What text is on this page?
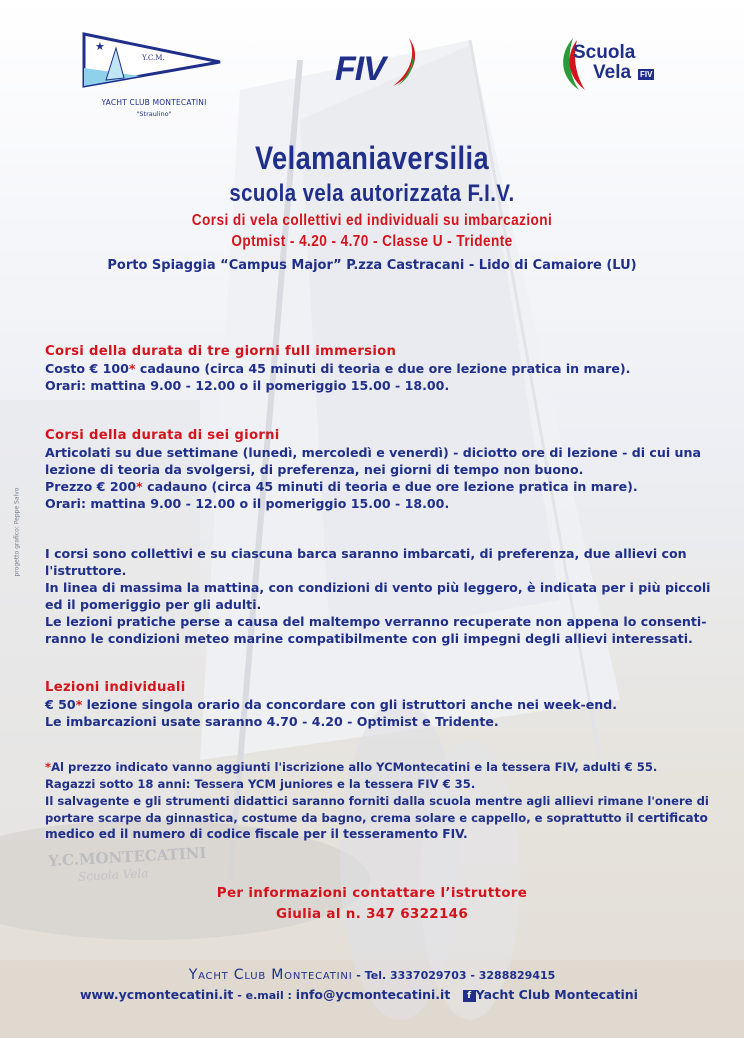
Y.C.MONTECATINI
Scuola Vela
★
Y.C.M.
YACHT CLUB MONTECATINI
"Straulino"
FIV	Scuola
Vela FIV
Velamaniaversilia
scuola vela autorizzata F.I.V.
Corsi di vela collettivi ed individuali su imbarcazioni
Optmist - 4.20 - 4.70 - Classe U - Tridente
Porto Spiaggia “Campus Major” P.zza Castracani - Lido di Camaiore (LU)
progetto grafico: Peppe Salvo
Corsi della durata di tre giorni full immersion
Costo € 100* cadauno (circa 45 minuti di teoria e due ore lezione pratica in mare).
Orari: mattina 9.00 - 12.00 o il pomeriggio 15.00 - 18.00.
Corsi della durata di sei giorni
Articolati su due settimane (lunedì, mercoledì e venerdì) - diciotto ore di lezione - di cui una
lezione di teoria da svolgersi, di preferenza, nei giorni di tempo non buono.
Prezzo € 200* cadauno (circa 45 minuti di teoria e due ore lezione pratica in mare).
Orari: mattina 9.00 - 12.00 o il pomeriggio 15.00 - 18.00.
I corsi sono collettivi e su ciascuna barca saranno imbarcati, di preferenza, due allievi con
l'istruttore.
In linea di massima la mattina, con condizioni di vento più leggero, è indicata per i più piccoli
ed il pomeriggio per gli adulti.
Le lezioni pratiche perse a causa del maltempo verranno recuperate non appena lo consenti-
ranno le condizioni meteo marine compatibilmente con gli impegni degli allievi interessati.
Lezioni individuali
€ 50* lezione singola orario da concordare con gli istruttori anche nei week-end.
Le imbarcazioni usate saranno 4.70 - 4.20 - Optimist e Tridente.
*Al prezzo indicato vanno aggiunti l'iscrizione allo YCMontecatini e la tessera FIV, adulti € 55.
Ragazzi sotto 18 anni: Tessera YCM juniores e la tessera FIV € 35.
Il salvagente e gli strumenti didattici saranno forniti dalla scuola mentre agli allievi rimane l'onere di
portare scarpe da ginnastica, costume da bagno, crema solare e cappello, e soprattutto il certificato
medico ed il numero di codice fiscale per il tesseramento FIV.
Per informazioni contattare l’istruttore
Giulia al n. 347 6322146
Yacht Club Montecatini - Tel. 3337029703 - 3288829415
www.ycmontecatini.it - e.mail : info@ycmontecatini.it f Yacht Club Montecatini
